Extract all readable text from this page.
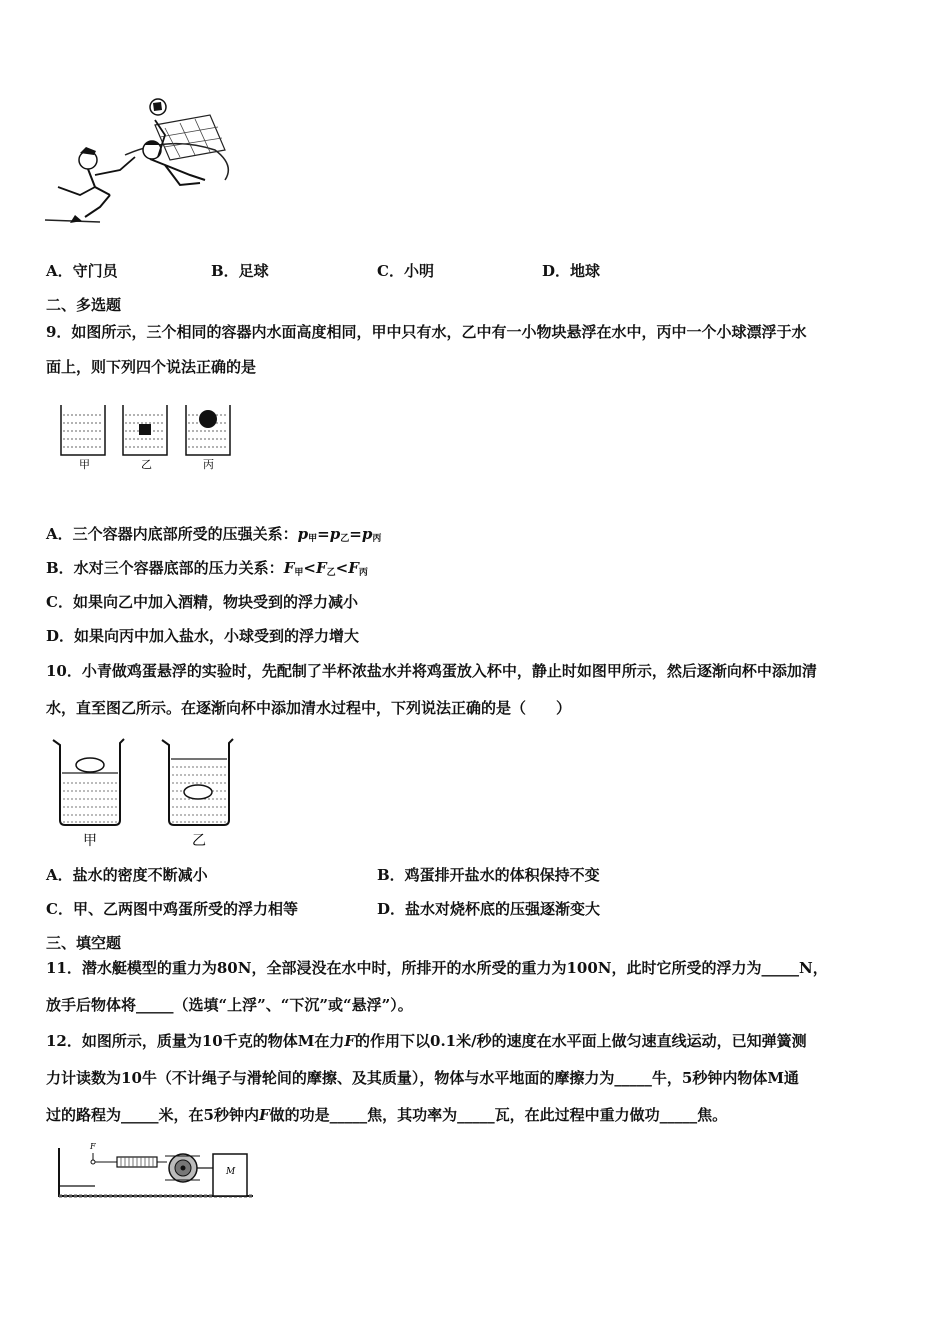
A．守门员	B．足球	C．小明	D．地球
二、多选题
9．如图所示，三个相同的容器内水面高度相同，甲中只有水，乙中有一小物块悬浮在水中，丙中一个小球漂浮于水
面上，则下列四个说法正确的是
甲	乙	丙
A．三个容器内底部所受的压强关系：$p_甲=p_乙=p_丙$
B．水对三个容器底部的压力关系：$F_甲<F_乙<F_丙$
C．如果向乙中加入酒精，物块受到的浮力减小
D．如果向丙中加入盐水，小球受到的浮力增大
10．小青做鸡蛋悬浮的实验时，先配制了半杯浓盐水并将鸡蛋放入杯中，静止时如图甲所示，然后逐渐向杯中添加清
水，直至图乙所示。在逐渐向杯中添加清水过程中，下列说法正确的是（　　）
甲	乙
A．盐水的密度不断减小	B．鸡蛋排开盐水的体积保持不变
C．甲、乙两图中鸡蛋所受的浮力相等	D．盐水对烧杯底的压强逐渐变大
三、填空题
11．潜水艇模型的重力为80N，全部浸没在水中时，所排开的水所受的重力为100N，此时它所受的浮力为_____N，
放手后物体将_____（选填“上浮”、“下沉”或“悬浮”）。
12．如图所示，质量为10千克的物体M在力F的作用下以0.1米/秒的速度在水平面上做匀速直线运动，已知弹簧测
力计读数为10牛（不计绳子与滑轮间的摩擦、及其质量），物体与水平地面的摩擦力为_____牛，5秒钟内物体M通
过的路程为_____米，在5秒钟内F做的功是_____焦，其功率为_____瓦，在此过程中重力做功_____焦。
F
M
